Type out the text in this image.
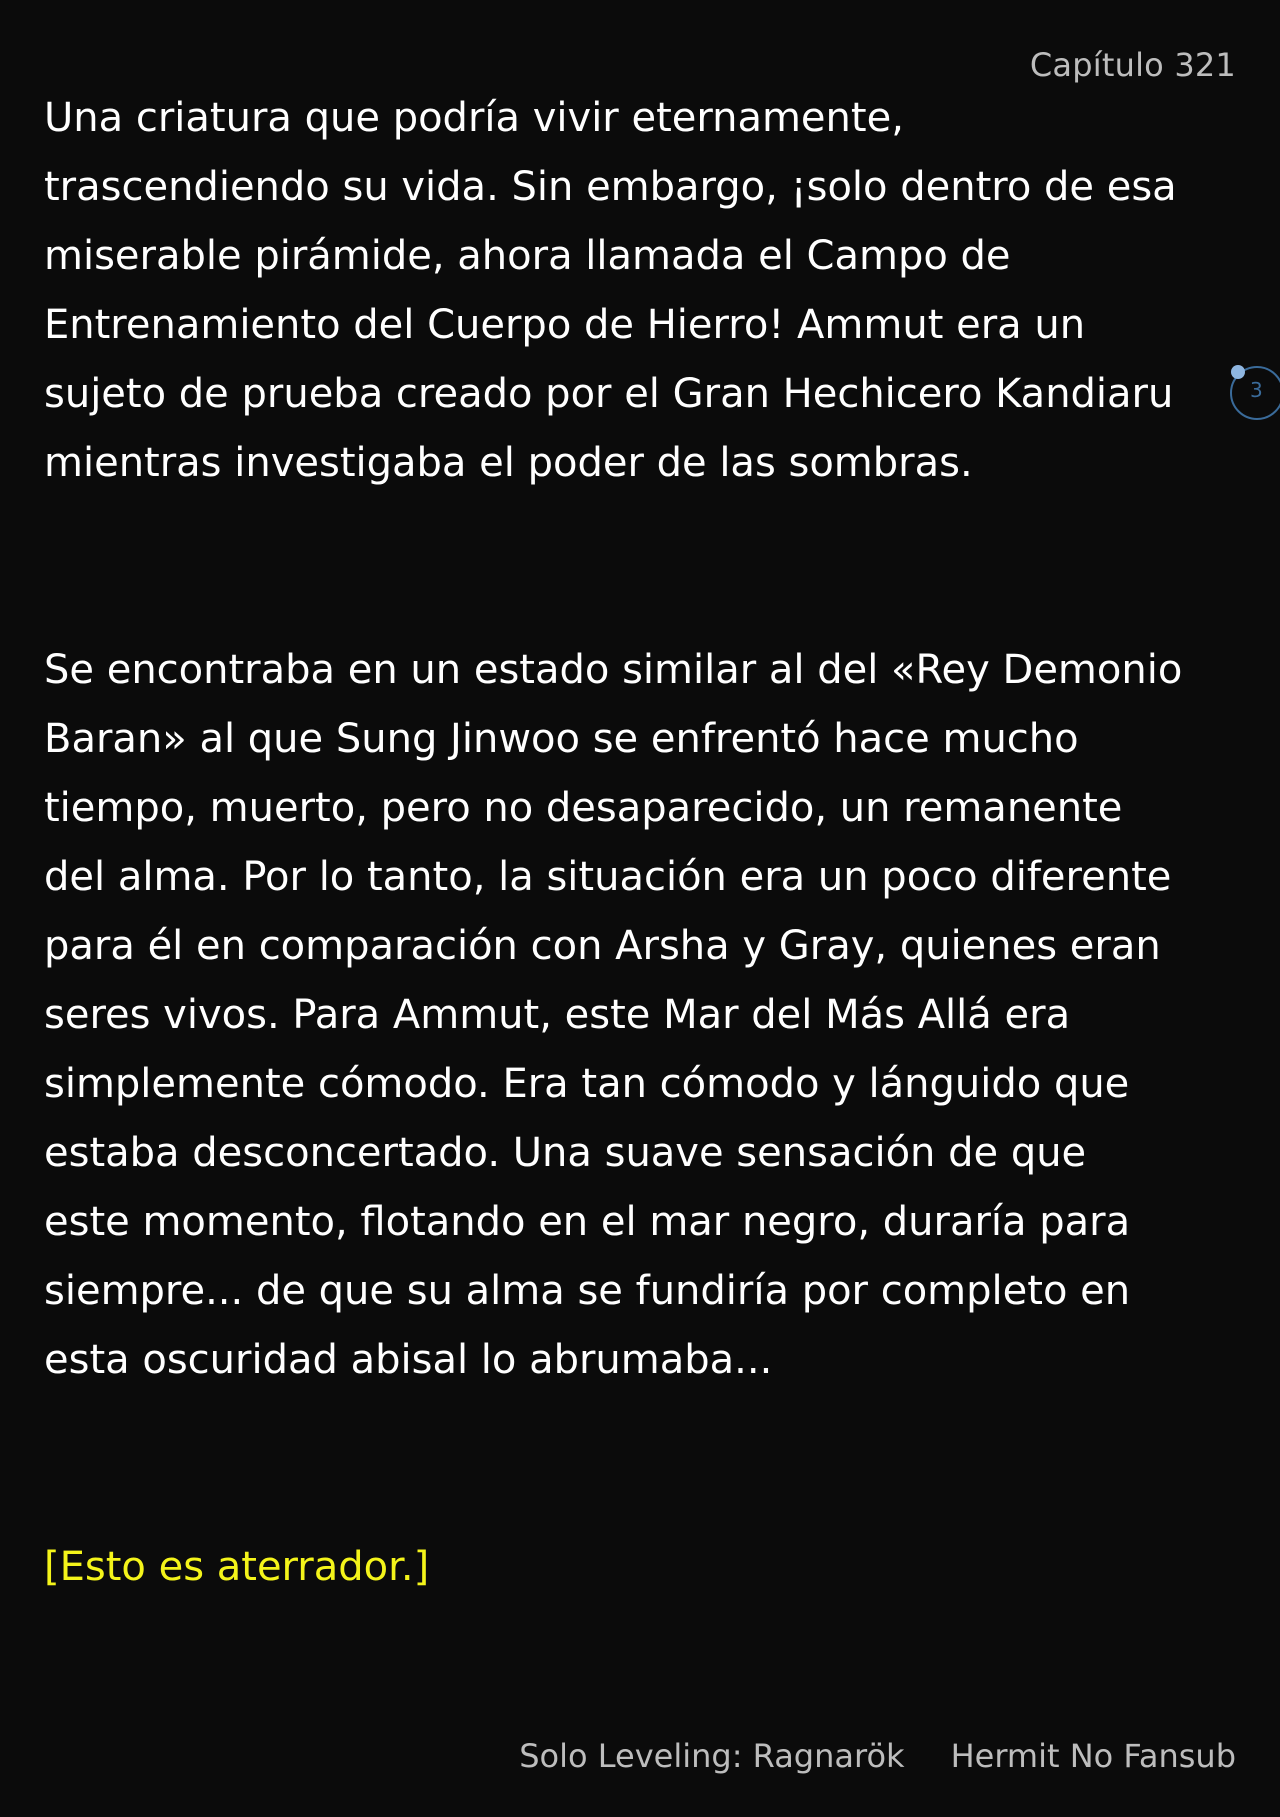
Capítulo 321

Una criatura que podría vivir eternamente,
trascendiendo su vida. Sin embargo, ¡solo dentro de esa
miserable pirámide, ahora llamada el Campo de
Entrenamiento del Cuerpo de Hierro! Ammut era un
sujeto de prueba creado por el Gran Hechicero Kandiaru
mientras investigaba el poder de las sombras.

Se encontraba en un estado similar al del «Rey Demonio
Baran» al que Sung Jinwoo se enfrentó hace mucho
tiempo, muerto, pero no desaparecido, un remanente
del alma. Por lo tanto, la situación era un poco diferente
para él en comparación con Arsha y Gray, quienes eran
seres vivos. Para Ammut, este Mar del Más Allá era
simplemente cómodo. Era tan cómodo y lánguido que
estaba desconcertado. Una suave sensación de que
este momento, flotando en el mar negro, duraría para
siempre... de que su alma se fundiría por completo en
esta oscuridad abisal lo abrumaba...

[Esto es aterrador.]

3
Solo Leveling: Ragnarök Hermit No Fansub
